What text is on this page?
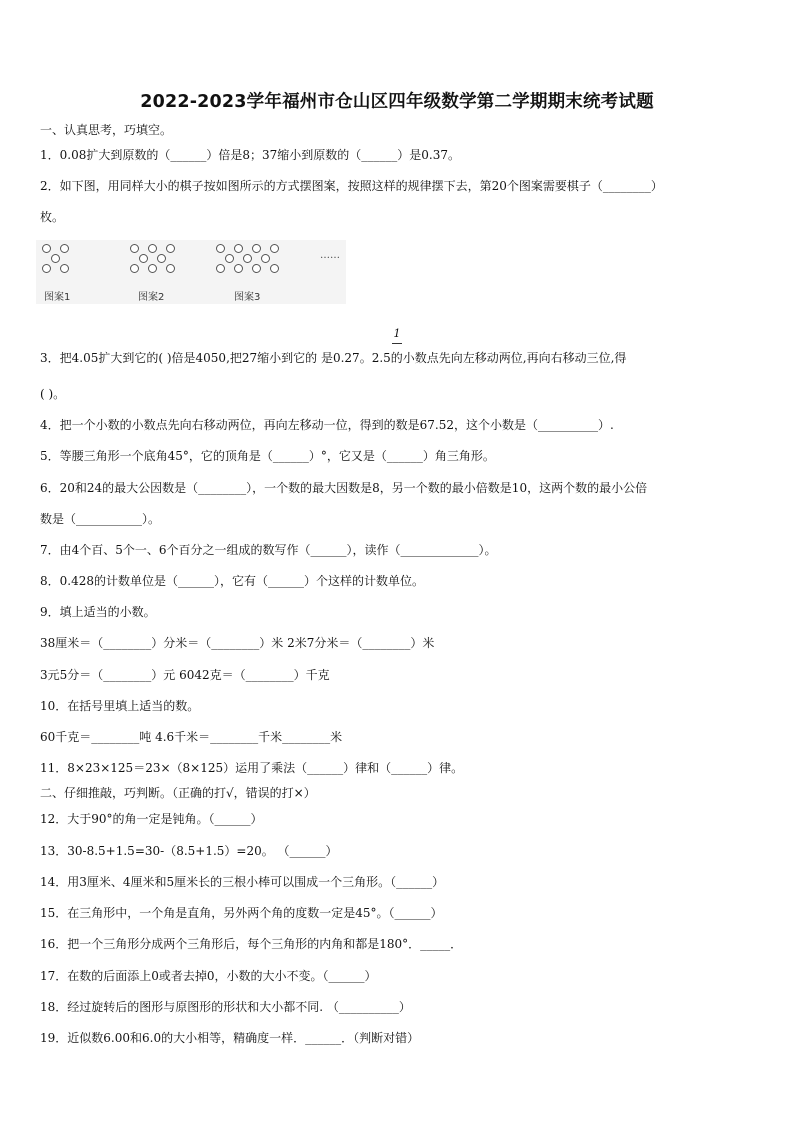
2022-2023学年福州市仓山区四年级数学第二学期期末统考试题
一、认真思考，巧填空。
1．0.08扩大到原数的（______）倍是8；37缩小到原数的（______）是0.37。
2．如下图，用同样大小的棋子按如图所示的方式摆图案，按照这样的规律摆下去，第20个图案需要棋子（________）
枚。
图案1	图案2	图案3
……
1
3．把4.05扩大到它的( )倍是4050,把27缩小到它的 是0.27。2.5的小数点先向左移动两位,再向右移动三位,得
( )。
4．把一个小数的小数点先向右移动两位，再向左移动一位，得到的数是67.52，这个小数是（__________）.
5．等腰三角形一个底角45°，它的顶角是（______）°，它又是（______）角三角形。
6．20和24的最大公因数是（________），一个数的最大因数是8，另一个数的最小倍数是10，这两个数的最小公倍
数是（___________）。
7．由4个百、5个一、6个百分之一组成的数写作（______），读作（_____________）。
8．0.428的计数单位是（______），它有（______）个这样的计数单位。
9．填上适当的小数。
38厘米＝（________）分米＝（________）米 2米7分米＝（________）米
3元5分＝（________）元 6042克＝（________）千克
10．在括号里填上适当的数。
60千克＝________吨 4.6千米＝________千米________米
11．8×23×125＝23×（8×125）运用了乘法（______）律和（______）律。
二、仔细推敲，巧判断。（正确的打√，错误的打×）
12．大于90°的角一定是钝角。（______）
13．30-8.5+1.5=30-（8.5+1.5）=20。 （______）
14．用3厘米、4厘米和5厘米长的三根小棒可以围成一个三角形。（______）
15．在三角形中，一个角是直角，另外两个角的度数一定是45°。（______）
16．把一个三角形分成两个三角形后，每个三角形的内角和都是180°．_____．
17．在数的后面添上0或者去掉0，小数的大小不变。（______）
18．经过旋转后的图形与原图形的形状和大小都不同. （__________）
19．近似数6.00和6.0的大小相等，精确度一样．______．（判断对错）
